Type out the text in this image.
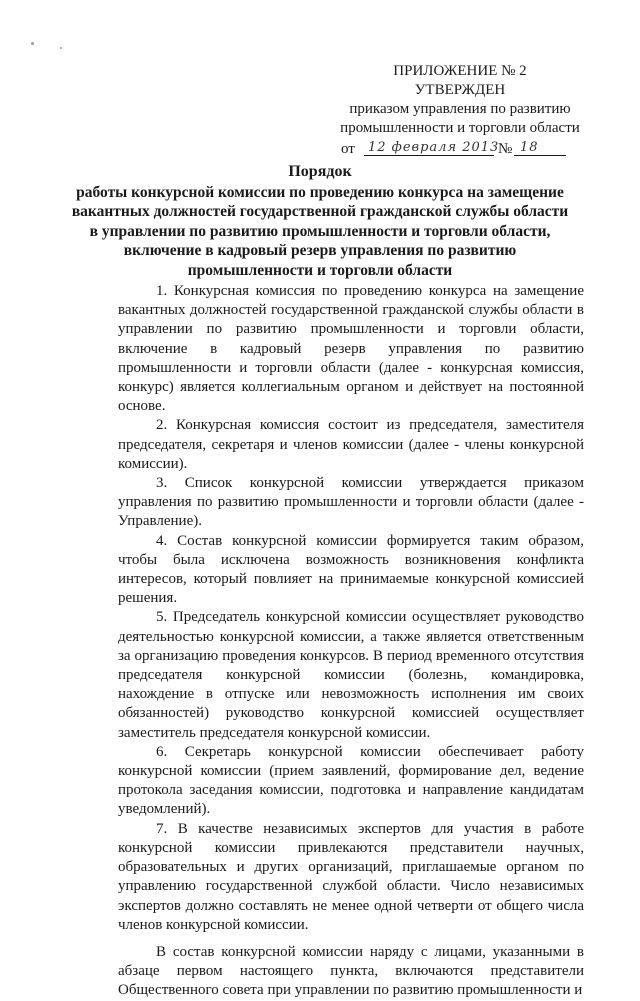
ПРИЛОЖЕНИЕ № 2
УТВЕРЖДЕН
приказом управления по развитию
промышленности и торговли области
от 12 февраля 2013
№ 18
Порядок
работы конкурсной комиссии по проведению конкурса на замещение
вакантных должностей государственной гражданской службы области
в управлении по развитию промышленности и торговли области,
включение в кадровый резерв управления по развитию
промышленности и торговли области

1. Конкурсная комиссия по проведению конкурса на замещение вакантных должностей государственной гражданской службы области в управлении по развитию промышленности и торговли области, включение в кадровый резерв управления по развитию промышленности и торговли области (далее - конкурсная комиссия, конкурс) является коллегиальным органом и действует на постоянной основе.

2. Конкурсная комиссия состоит из председателя, заместителя председателя, секретаря и членов комиссии (далее - члены конкурсной комиссии).

3. Список конкурсной комиссии утверждается приказом управления по развитию промышленности и торговли области (далее - Управление).

4. Состав конкурсной комиссии формируется таким образом, чтобы была исключена возможность возникновения конфликта интересов, который повлияет на принимаемые конкурсной комиссией решения.

5. Председатель конкурсной комиссии осуществляет руководство деятельностью конкурсной комиссии, а также является ответственным за организацию проведения конкурсов. В период временного отсутствия председателя конкурсной комиссии (болезнь, командировка, нахождение в отпуске или невозможность исполнения им своих обязанностей) руководство конкурсной комиссией осуществляет заместитель председателя конкурсной комиссии.

6. Секретарь конкурсной комиссии обеспечивает работу конкурсной комиссии (прием заявлений, формирование дел, ведение протокола заседания комиссии, подготовка и направление кандидатам уведомлений).

7. В качестве независимых экспертов для участия в работе конкурсной комиссии привлекаются представители научных, образовательных и других организаций, приглашаемые органом по управлению государственной службой области. Число независимых экспертов должно составлять не менее одной четверти от общего числа членов конкурсной комиссии.

В состав конкурсной комиссии наряду с лицами, указанными в абзаце первом настоящего пункта, включаются представители Общественного совета при управлении по развитию промышленности и
